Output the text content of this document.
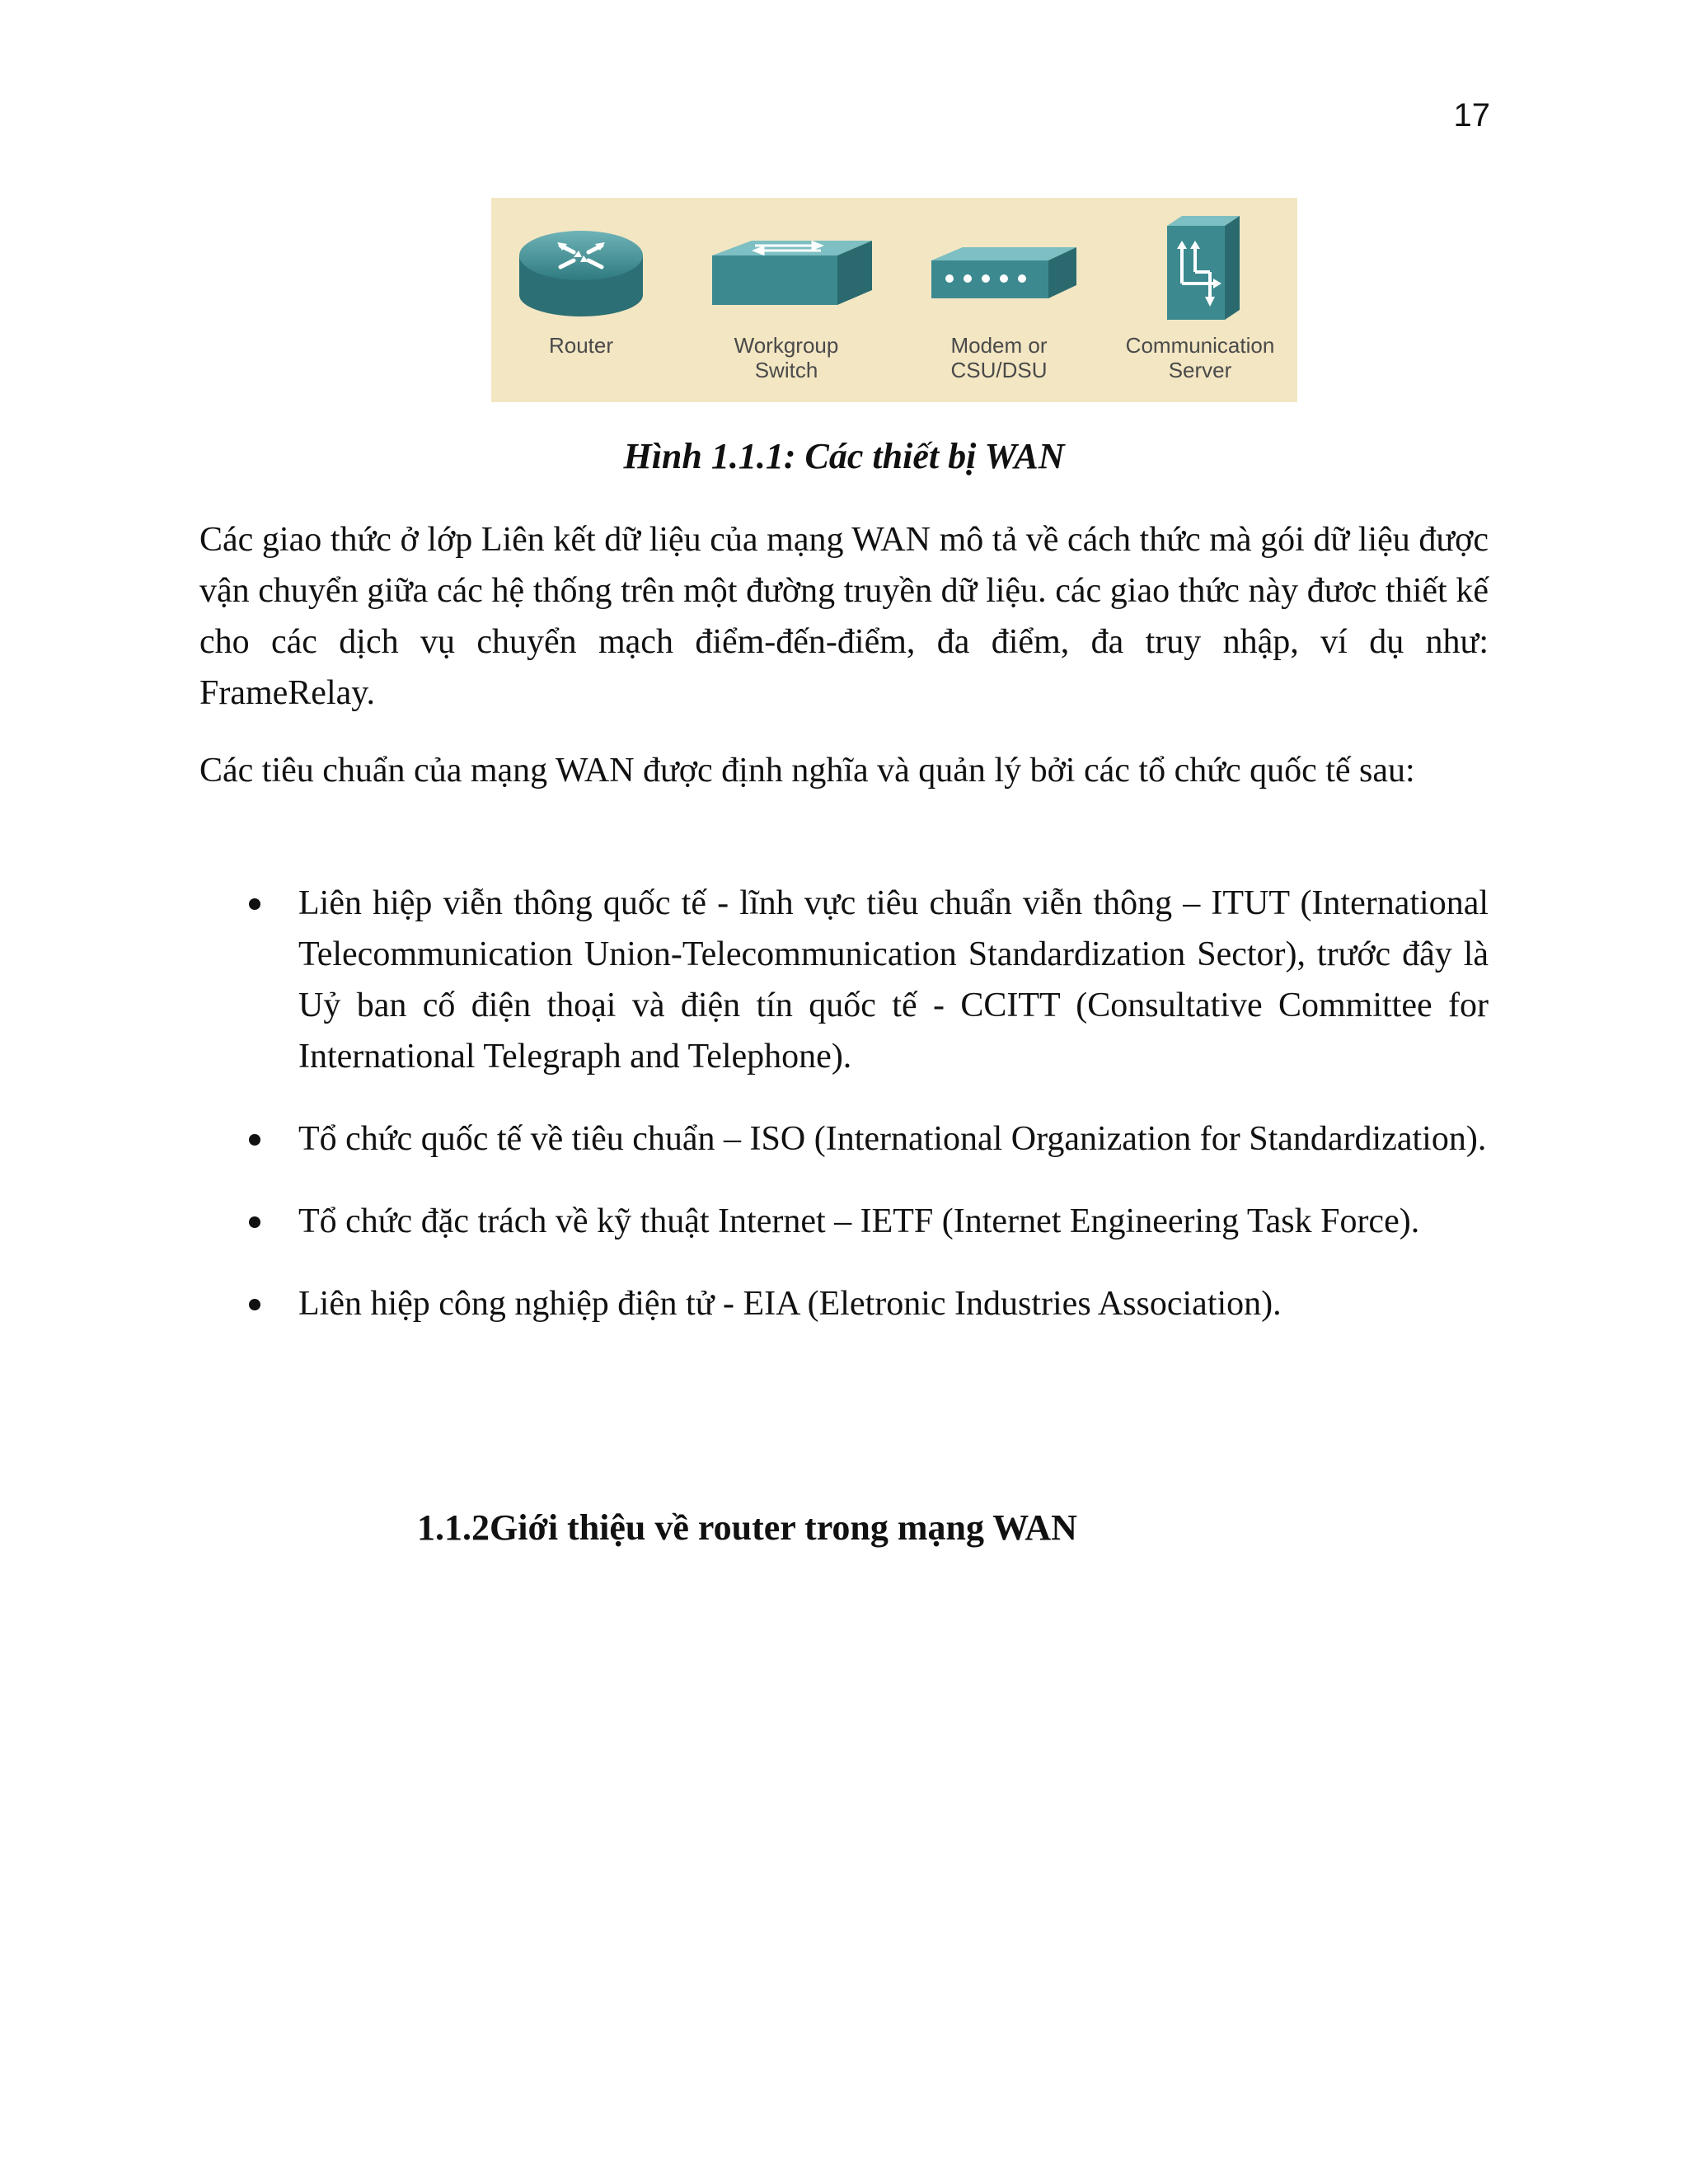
17
Router	Workgroup
Switch
Modem or
CSU/DSU
Communication
Server
Hình 1.1.1: Các thiết bị WAN

Các giao thức ở lớp Liên kết dữ liệu của mạng WAN mô tả về cách thức mà gói dữ liệu được vận chuyển giữa các hệ thống trên một đường truyền dữ liệu. các giao thức này đươc thiết kế cho các dịch vụ chuyển mạch điểm-đến-điểm, đa điểm, đa truy nhập, ví dụ như: FrameRelay.

Các tiêu chuẩn của mạng WAN được định nghĩa và quản lý bởi các tổ chức quốc tế sau:

Liên hiệp viễn thông quốc tế - lĩnh vực tiêu chuẩn viễn thông – ITUT (International Telecommunication Union-Telecommunication Standardization Sector), trước đây là Uỷ ban cố điện thoại và điện tín quốc tế - CCITT (Consultative Committee for International Telegraph and Telephone).
Tổ chức quốc tế về tiêu chuẩn – ISO (International Organization for Standardization).
Tổ chức đặc trách về kỹ thuật Internet – IETF (Internet Engineering Task Force).
Liên hiệp công nghiệp điện tử - EIA (Eletronic Industries Association).
1.1.2Giới thiệu về router trong mạng WAN
